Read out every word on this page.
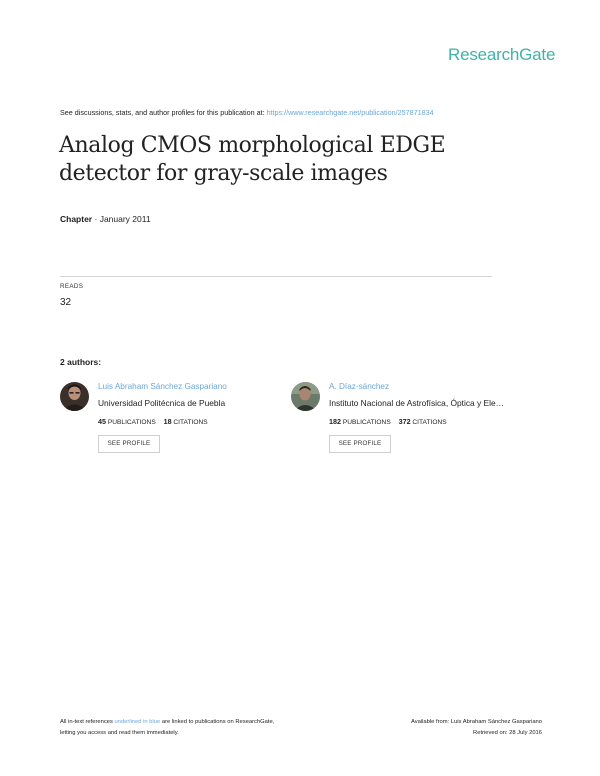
ResearchGate
See discussions, stats, and author profiles for this publication at: https://www.researchgate.net/publication/257871834
Analog CMOS morphological EDGE detector for gray-scale images
Chapter · January 2011
READS
32
2 authors:
Luis Abraham Sánchez Gaspariano
Universidad Politécnica de Puebla
45 PUBLICATIONS 18 CITATIONS
SEE PROFILE
A. Díaz-sánchez
Instituto Nacional de Astrofísica, Óptica y Ele…
182 PUBLICATIONS 372 CITATIONS
SEE PROFILE
All in-text references underlined in blue are linked to publications on ResearchGate,
letting you access and read them immediately.
Available from: Luis Abraham Sánchez Gaspariano
Retrieved on: 28 July 2016
